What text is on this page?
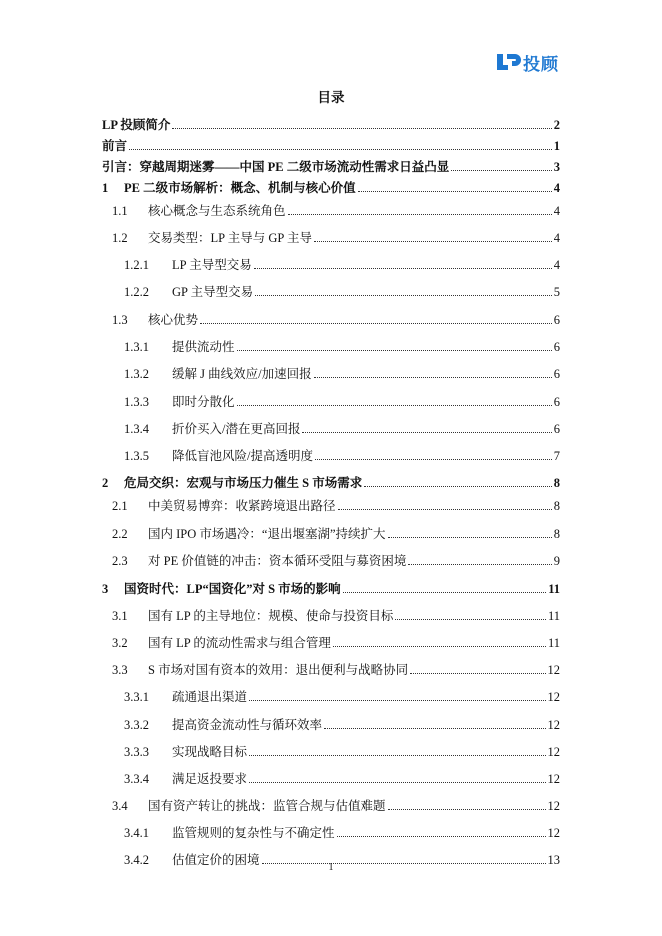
投顾
目录
LP 投顾简介	2
前言	1
引言：穿越周期迷雾——中国 PE 二级市场流动性需求日益凸显	3
1	PE 二级市场解析：概念、机制与核心价值	4
1.1	核心概念与生态系统角色	4
1.2	交易类型：LP 主导与 GP 主导	4
1.2.1	LP 主导型交易	4
1.2.2	GP 主导型交易	5
1.3	核心优势	6
1.3.1	提供流动性	6
1.3.2	缓解 J 曲线效应/加速回报	6
1.3.3	即时分散化	6
1.3.4	折价买入/潜在更高回报	6
1.3.5	降低盲池风险/提高透明度	7
2	危局交织：宏观与市场压力催生 S 市场需求	8
2.1	中美贸易博弈：收紧跨境退出路径	8
2.2	国内 IPO 市场遇冷：“退出堰塞湖”持续扩大	8
2.3	对 PE 价值链的冲击：资本循环受阻与募资困境	9
3	国资时代：LP“国资化”对 S 市场的影响	11
3.1	国有 LP 的主导地位：规模、使命与投资目标	11
3.2	国有 LP 的流动性需求与组合管理	11
3.3	S 市场对国有资本的效用：退出便利与战略协同	12
3.3.1	疏通退出渠道	12
3.3.2	提高资金流动性与循环效率	12
3.3.3	实现战略目标	12
3.3.4	满足返投要求	12
3.4	国有资产转让的挑战：监管合规与估值难题	12
3.4.1	监管规则的复杂性与不确定性	12
3.4.2	估值定价的困境	13
1
